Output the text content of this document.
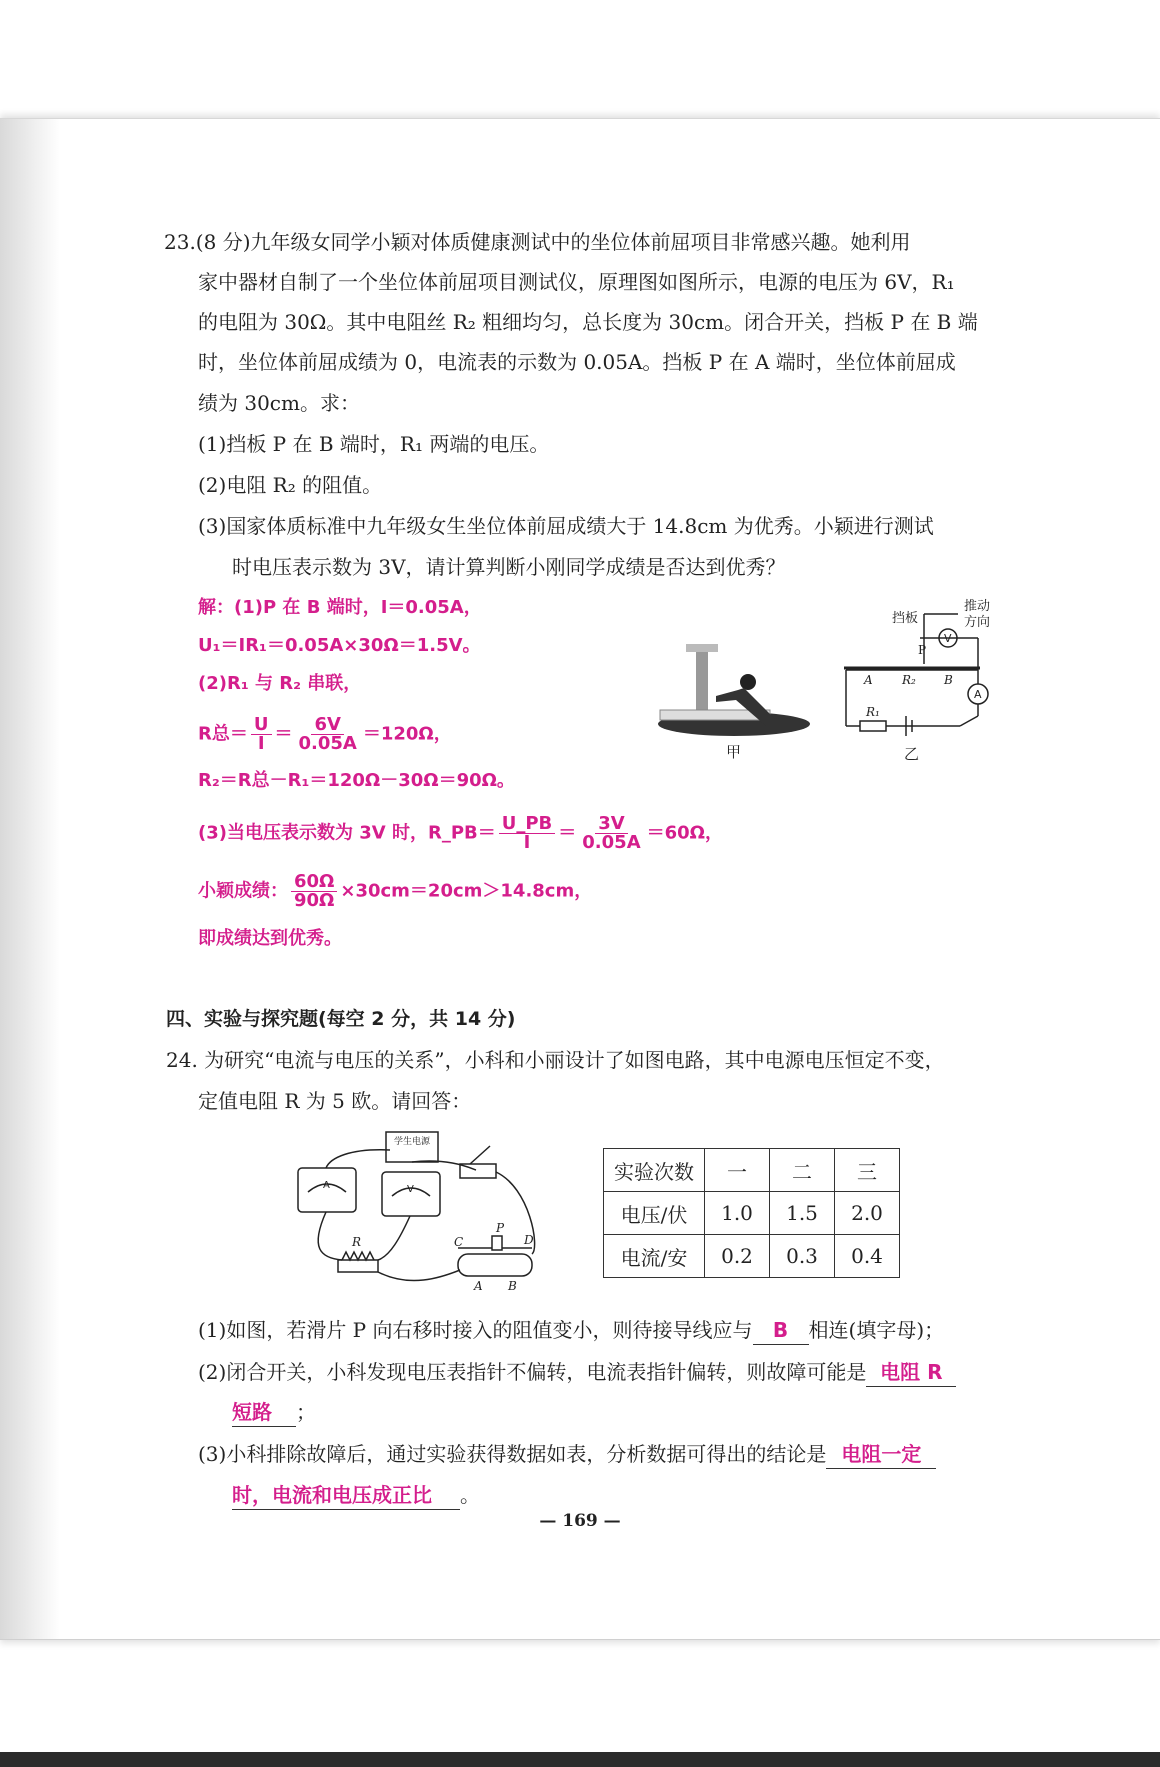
23.(8 分)九年级女同学小颖对体质健康测试中的坐位体前屈项目非常感兴趣。她利用
家中器材自制了一个坐位体前屈项目测试仪，原理图如图所示，电源的电压为 6V，R₁
的电阻为 30Ω。其中电阻丝 R₂ 粗细均匀，总长度为 30cm。闭合开关，挡板 P 在 B 端
时，坐位体前屈成绩为 0，电流表的示数为 0.05A。挡板 P 在 A 端时，坐位体前屈成
绩为 30cm。求：
(1)挡板 P 在 B 端时，R₁ 两端的电压。
(2)电阻 R₂ 的阻值。
(3)国家体质标准中九年级女生坐位体前屈成绩大于 14.8cm 为优秀。小颖进行测试
时电压表示数为 3V，请计算判断小刚同学成绩是否达到优秀？
解：(1)P 在 B 端时，I＝0.05A，
U₁＝IR₁＝0.05A×30Ω＝1.5V。
(2)R₁ 与 R₂ 串联，
R总＝ $\frac{U}{I} = \frac{6V}{0.05A} =120\Omega$，
R₂＝R总－R₁＝120Ω－30Ω＝90Ω。
(3)当电压表示数为 3V 时，R_PB＝ $\frac{U\_PB}{I} = \frac{3V}{0.05A} =60\Omega$，
小颖成绩： $\frac{60\Omega}{90\Omega} \times 30cm=20cm>14.8cm$，
即成绩达到优秀。
甲
P
A R₂ B
R₁
V
A
挡板
推动
方向
乙
四、实验与探究题(每空 2 分，共 14 分)
24. 为研究“电流与电压的关系”，小科和小丽设计了如图电路，其中电源电压恒定不变，
定值电阻 R 为 5 欧。请回答：
学生电源
A	V
R
P
C	D
A B
实验次数	一	二	三
电压/伏	1.0	1.5	2.0
电流/安	0.2	0.3	0.4
(1)如图，若滑片 P 向右移时接入的阻值变小，则待接导线应与 B 相连(填字母)；
(2)闭合开关，小科发现电压表指针不偏转，电流表指针偏转，则故障可能是 电阻 R
短路 ；
(3)小科排除故障后，通过实验获得数据如表，分析数据可得出的结论是 电阻一定
时，电流和电压成正比 。
— 169 —
